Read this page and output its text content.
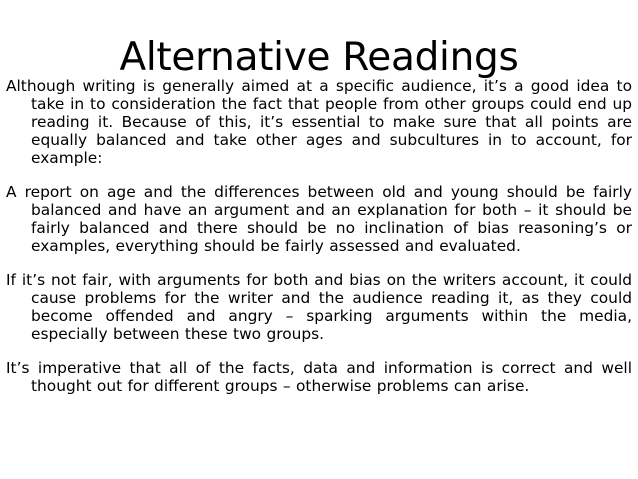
Alternative Readings

Although writing is generally aimed at a specific audience, it’s a good idea to take in to consideration the fact that people from other groups could end up reading it. Because of this, it’s essential to make sure that all points are equally balanced and take other ages and subcultures in to account, for example:

A report on age and the differences between old and young should be fairly balanced and have an argument and an explanation for both – it should be fairly balanced and there should be no inclination of bias reasoning’s or examples, everything should be fairly assessed and evaluated.

If it’s not fair, with arguments for both and bias on the writers account, it could cause problems for the writer and the audience reading it, as they could become offended and angry – sparking arguments within the media, especially between these two groups.

It’s imperative that all of the facts, data and information is correct and well thought out for different groups – otherwise problems can arise.
